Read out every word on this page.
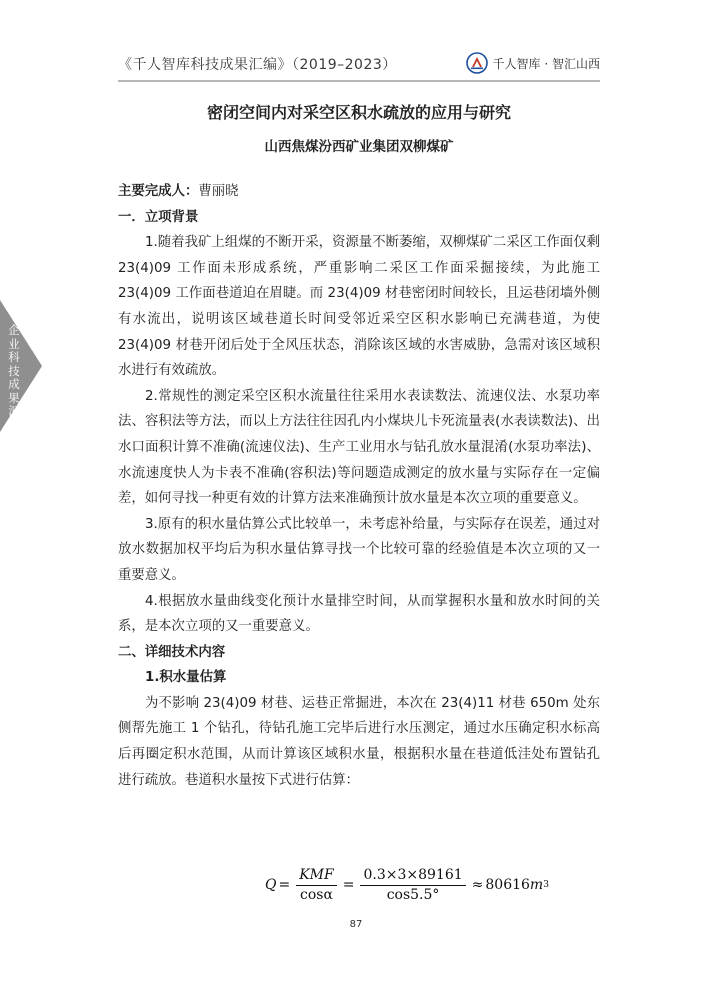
《千人智库科技成果汇编》（2019–2023）	千人智库 · 智汇山西
企业科技成果汇编
密闭空间内对采空区积水疏放的应用与研究
山西焦煤汾西矿业集团双柳煤矿

主要完成人：曹丽晓

一．立项背景

1.随着我矿上组煤的不断开采，资源量不断萎缩，双柳煤矿二采区工作面仅剩 23(4)09 工作面未形成系统，严重影响二采区工作面采掘接续，为此施工 23(4)09 工作面巷道迫在眉睫。而 23(4)09 材巷密闭时间较长，且运巷闭墙外侧有水流出，说明该区域巷道长时间受邻近采空区积水影响已充满巷道，为使 23(4)09 材巷开闭后处于全风压状态，消除该区域的水害威胁，急需对该区域积水进行有效疏放。

2.常规性的测定采空区积水流量往往采用水表读数法、流速仪法、水泵功率法、容积法等方法，而以上方法往往因孔内小煤块儿卡死流量表(水表读数法)、出水口面积计算不准确(流速仪法)、生产工业用水与钻孔放水量混淆(水泵功率法)、水流速度快人为卡表不准确(容积法)等问题造成测定的放水量与实际存在一定偏差，如何寻找一种更有效的计算方法来准确预计放水量是本次立项的重要意义。

3.原有的积水量估算公式比较单一，未考虑补给量，与实际存在误差，通过对放水数据加权平均后为积水量估算寻找一个比较可靠的经验值是本次立项的又一重要意义。

4.根据放水量曲线变化预计水量排空时间，从而掌握积水量和放水时间的关系，是本次立项的又一重要意义。

二、详细技术内容

1.积水量估算

为不影响 23(4)09 材巷、运巷正常掘进，本次在 23(4)11 材巷 650m 处东侧帮先施工 1 个钻孔，待钻孔施工完毕后进行水压测定，通过水压确定积水标高后再圈定积水范围，从而计算该区域积水量，根据积水量在巷道低洼处布置钻孔进行疏放。巷道积水量按下式进行估算：

$Q = \frac{\text{KMF}}{\cos\alpha} = \frac{0.3\times 3\times 89161}{\cos 5.5^\circ} \approx 80616$ m 3
87
